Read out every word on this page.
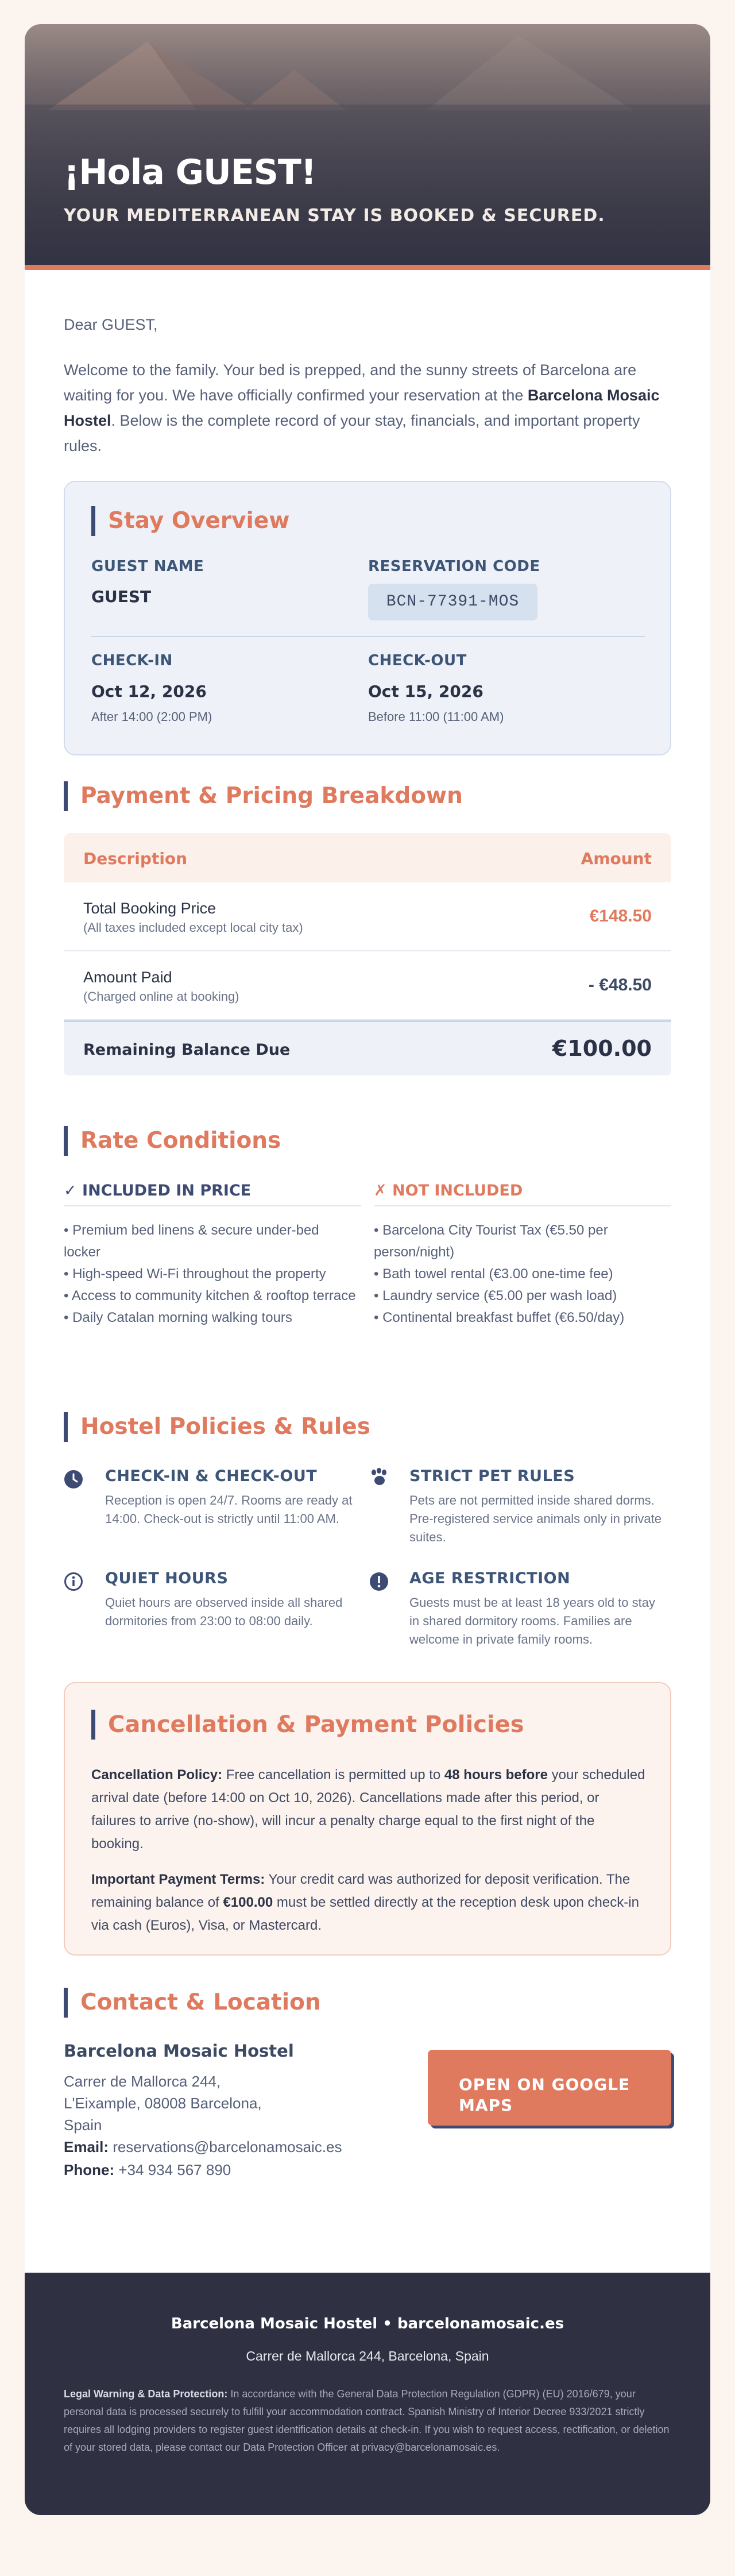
¡Hola GUEST!
YOUR MEDITERRANEAN STAY IS BOOKED & SECURED.
Dear GUEST,
Welcome to the family. Your bed is prepped, and the sunny streets of Barcelona are waiting for you. We have officially confirmed your reservation at the Barcelona Mosaic Hostel. Below is the complete record of your stay, financials, and important property rules.
Stay Overview
GUEST NAME
GUEST
RESERVATION CODE
BCN-77391-MOS
CHECK-IN
Oct 12, 2026
After 14:00 (2:00 PM)
CHECK-OUT
Oct 15, 2026
Before 11:00 (11:00 AM)
Payment & Pricing Breakdown
Description	Amount
Total Booking Price
(All taxes included except local city tax)
€148.50
Amount Paid
(Charged online at booking)
- €48.50
Remaining Balance Due	€100.00
Rate Conditions
✓ INCLUDED IN PRICE
• Premium bed linens & secure under-bed locker
• High-speed Wi-Fi throughout the property
• Access to community kitchen & rooftop terrace
• Daily Catalan morning walking tours
✗ NOT INCLUDED
• Barcelona City Tourist Tax (€5.50 per person/night)
• Bath towel rental (€3.00 one-time fee)
• Laundry service (€5.00 per wash load)
• Continental breakfast buffet (€6.50/day)
Hostel Policies & Rules
CHECK-IN & CHECK-OUT
Reception is open 24/7. Rooms are ready at 14:00. Check-out is strictly until 11:00 AM.
STRICT PET RULES
Pets are not permitted inside shared dorms. Pre-registered service animals only in private suites.
QUIET HOURS
Quiet hours are observed inside all shared dormitories from 23:00 to 08:00 daily.
AGE RESTRICTION
Guests must be at least 18 years old to stay in shared dormitory rooms. Families are welcome in private family rooms.
Cancellation & Payment Policies

Cancellation Policy: Free cancellation is permitted up to 48 hours before your scheduled arrival date (before 14:00 on Oct 10, 2026). Cancellations made after this period, or failures to arrive (no-show), will incur a penalty charge equal to the first night of the booking.

Important Payment Terms: Your credit card was authorized for deposit verification. The remaining balance of €100.00 must be settled directly at the reception desk upon check-in via cash (Euros), Visa, or Mastercard.

Contact & Location
Barcelona Mosaic Hostel
Carrer de Mallorca 244,
L'Eixample, 08008 Barcelona,
Spain
Email: reservations@barcelonamosaic.es
Phone: +34 934 567 890
OPEN ON GOOGLE MAPS
Barcelona Mosaic Hostel • barcelonamosaic.es
Carrer de Mallorca 244, Barcelona, Spain
Legal Warning & Data Protection: In accordance with the General Data Protection Regulation (GDPR) (EU) 2016/679, your personal data is processed securely to fulfill your accommodation contract. Spanish Ministry of Interior Decree 933/2021 strictly requires all lodging providers to register guest identification details at check-in. If you wish to request access, rectification, or deletion of your stored data, please contact our Data Protection Officer at privacy@barcelonamosaic.es.
